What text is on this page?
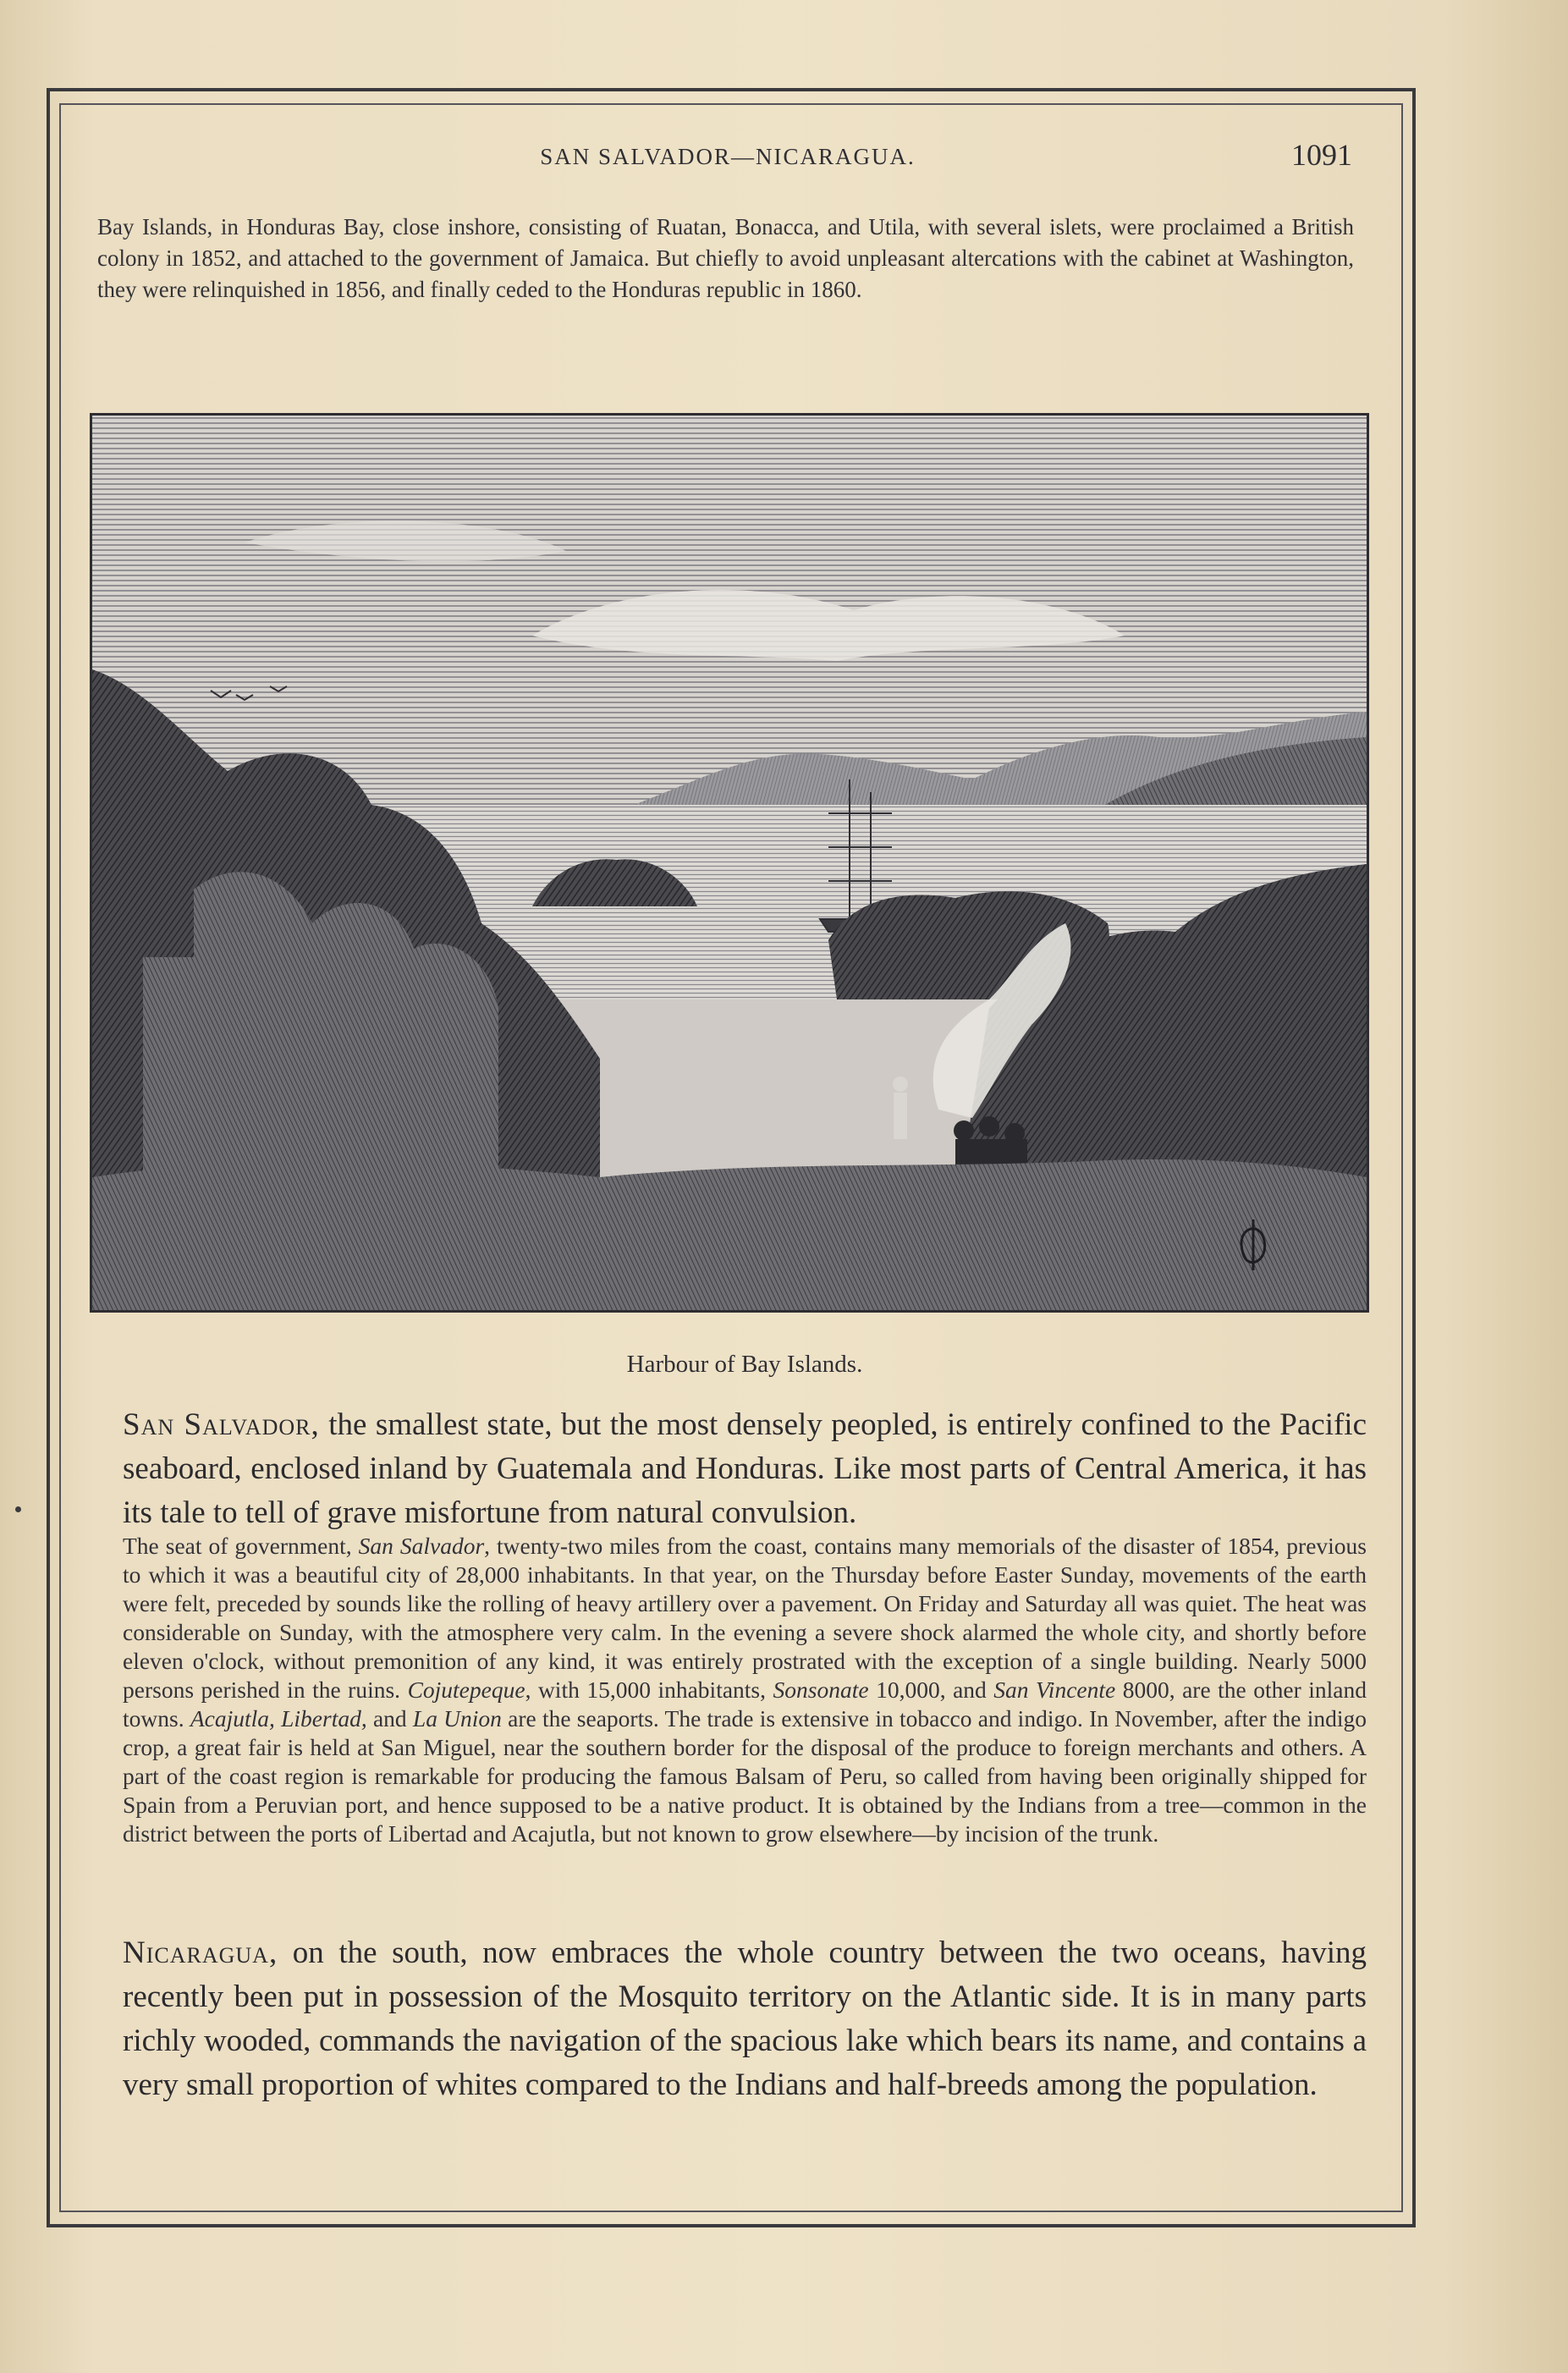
SAN SALVADOR—NICARAGUA.	1091

Bay Islands, in Honduras Bay, close inshore, consisting of Ruatan, Bonacca, and Utila, with several islets, were proclaimed a British colony in 1852, and attached to the government of Jamaica. But chiefly to avoid unpleasant altercations with the cabinet at Washington, they were relinquished in 1856, and finally ceded to the Honduras republic in 1860.

Harbour of Bay Islands.

San Salvador, the smallest state, but the most densely peopled, is entirely confined to the Pacific seaboard, enclosed inland by Guatemala and Honduras. Like most parts of Central America, it has its tale to tell of grave misfortune from natural convulsion.

The seat of government, San Salvador, twenty-two miles from the coast, contains many memorials of the disaster of 1854, previous to which it was a beautiful city of 28,000 inhabitants. In that year, on the Thursday before Easter Sunday, movements of the earth were felt, preceded by sounds like the rolling of heavy artillery over a pavement. On Friday and Saturday all was quiet. The heat was considerable on Sunday, with the atmosphere very calm. In the evening a severe shock alarmed the whole city, and shortly before eleven o'clock, without premonition of any kind, it was entirely prostrated with the exception of a single building. Nearly 5000 persons perished in the ruins. Cojutepeque, with 15,000 inhabitants, Sonsonate 10,000, and San Vincente 8000, are the other inland towns. Acajutla, Libertad, and La Union are the seaports. The trade is extensive in tobacco and indigo. In November, after the indigo crop, a great fair is held at San Miguel, near the southern border for the disposal of the produce to foreign merchants and others. A part of the coast region is remarkable for producing the famous Balsam of Peru, so called from having been originally shipped for Spain from a Peruvian port, and hence supposed to be a native product. It is obtained by the Indians from a tree—common in the district between the ports of Libertad and Acajutla, but not known to grow elsewhere—by incision of the trunk.

Nicaragua, on the south, now embraces the whole country between the two oceans, having recently been put in possession of the Mosquito territory on the Atlantic side. It is in many parts richly wooded, commands the navigation of the spacious lake which bears its name, and contains a very small proportion of whites compared to the Indians and half-breeds among the population.
